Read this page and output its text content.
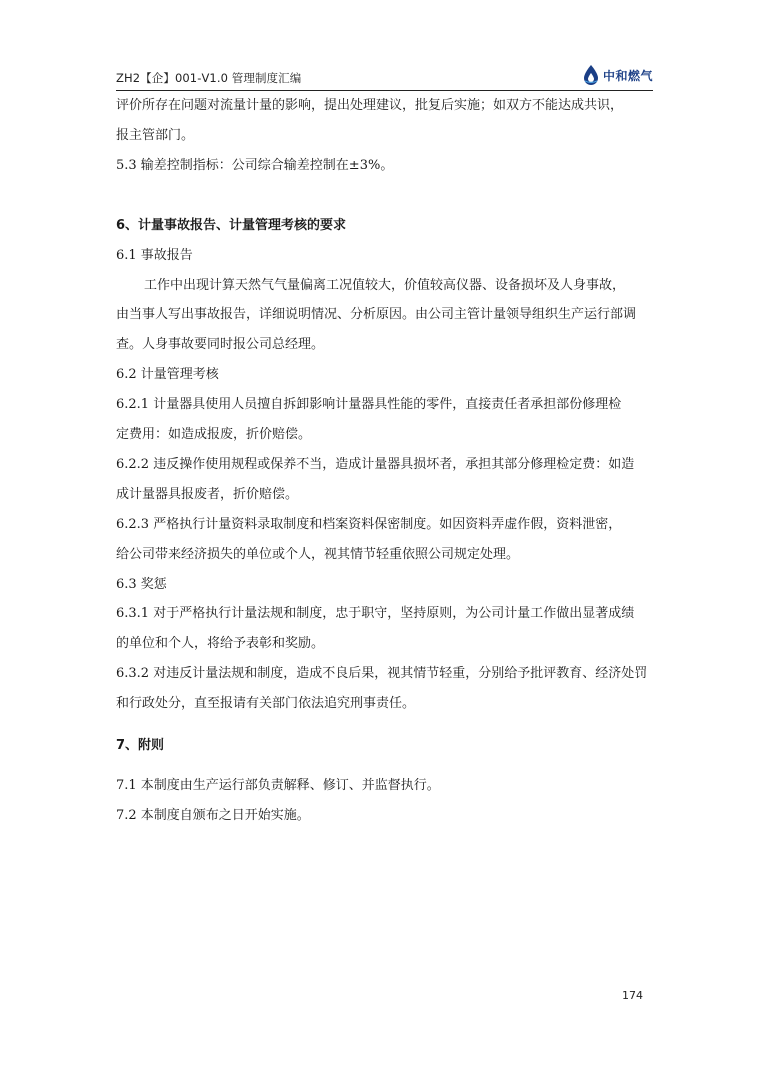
ZH2【企】001-V1.0 管理制度汇编	中和燃气
评价所存在问题对流量计量的影响，提出处理建议，批复后实施；如双方不能达成共识，
报主管部门。
5.3 输差控制指标：公司综合输差控制在±3%。
6、计量事故报告、计量管理考核的要求
6.1 事故报告
工作中出现计算天然气气量偏离工况值较大，价值较高仪器、设备损坏及人身事故，
由当事人写出事故报告，详细说明情况、分析原因。由公司主管计量领导组织生产运行部调
查。人身事故要同时报公司总经理。
6.2 计量管理考核
6.2.1 计量器具使用人员擅自拆卸影响计量器具性能的零件，直接责任者承担部份修理检
定费用：如造成报废，折价赔偿。
6.2.2 违反操作使用规程或保养不当，造成计量器具损坏者，承担其部分修理检定费：如造
成计量器具报废者，折价赔偿。
6.2.3 严格执行计量资料录取制度和档案资料保密制度。如因资料弄虚作假，资料泄密，
给公司带来经济损失的单位或个人，视其情节轻重依照公司规定处理。
6.3 奖惩
6.3.1 对于严格执行计量法规和制度，忠于职守，坚持原则，为公司计量工作做出显著成绩
的单位和个人，将给予表彰和奖励。
6.3.2 对违反计量法规和制度，造成不良后果，视其情节轻重，分别给予批评教育、经济处罚
和行政处分，直至报请有关部门依法追究刑事责任。
7、附则
7.1 本制度由生产运行部负责解释、修订、并监督执行。
7.2 本制度自颁布之日开始实施。
174
